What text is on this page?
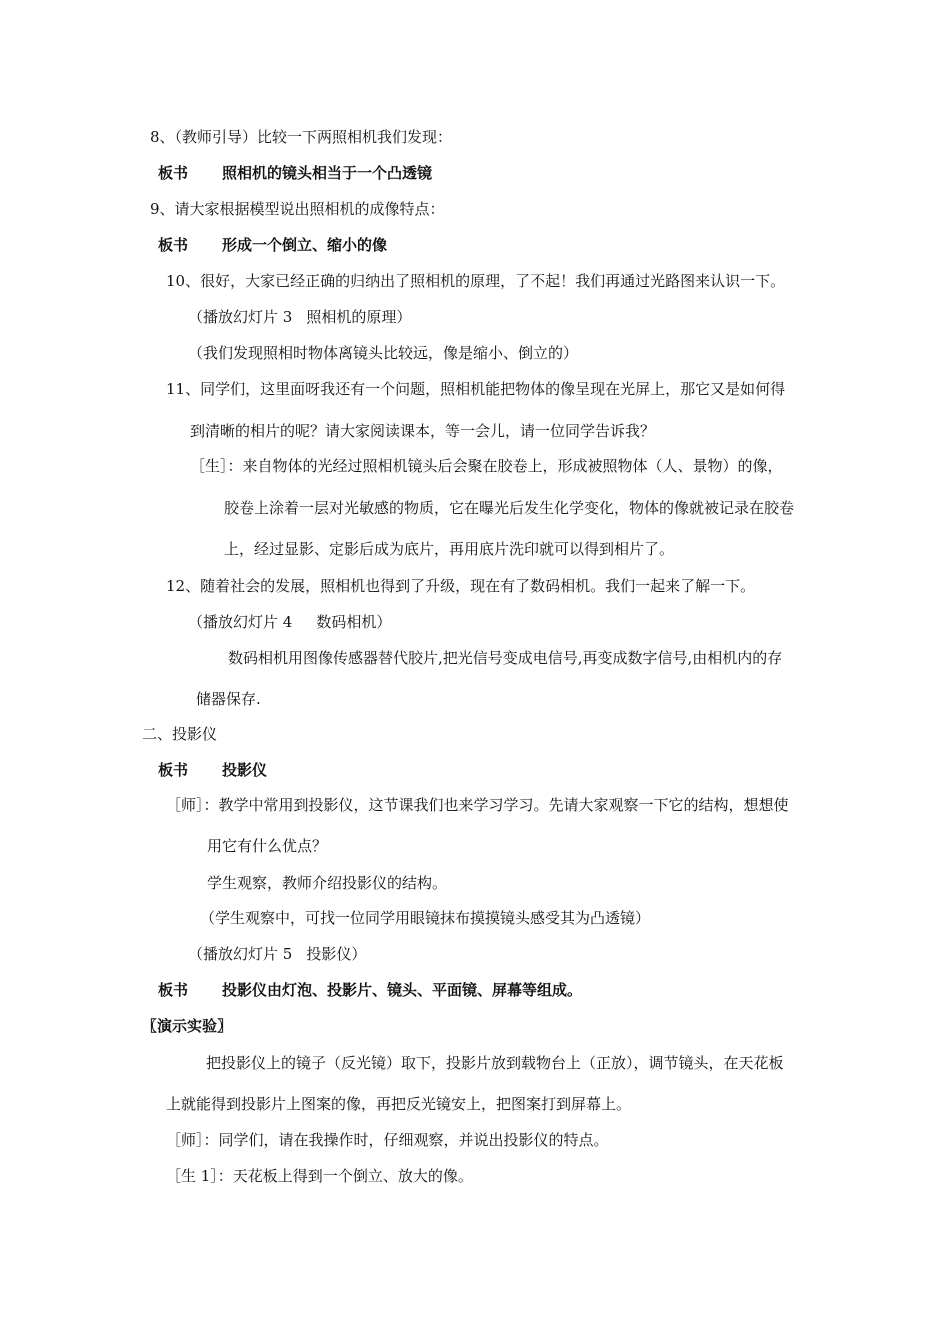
8、（教师引导）比较一下两照相机我们发现：
板书 照相机的镜头相当于一个凸透镜
9、请大家根据模型说出照相机的成像特点：
板书 形成一个倒立、缩小的像
10、很好，大家已经正确的归纳出了照相机的原理，了不起！我们再通过光路图来认识一下。
（播放幻灯片 3 照相机的原理）
（我们发现照相时物体离镜头比较远，像是缩小、倒立的）
11、同学们，这里面呀我还有一个问题，照相机能把物体的像呈现在光屏上，那它又是如何得
到清晰的相片的呢？请大家阅读课本，等一会儿，请一位同学告诉我？
［生］：来自物体的光经过照相机镜头后会聚在胶卷上，形成被照物体（人、景物）的像，
胶卷上涂着一层对光敏感的物质，它在曝光后发生化学变化，物体的像就被记录在胶卷
上，经过显影、定影后成为底片，再用底片洗印就可以得到相片了。
12、随着社会的发展，照相机也得到了升级，现在有了数码相机。我们一起来了解一下。
（播放幻灯片 4 数码相机）
数码相机用图像传感器替代胶片,把光信号变成电信号,再变成数字信号,由相机内的存
储器保存.
二、投影仪
板书 投影仪
［师］：教学中常用到投影仪，这节课我们也来学习学习。先请大家观察一下它的结构，想想使
用它有什么优点？
学生观察，教师介绍投影仪的结构。
（学生观察中，可找一位同学用眼镜抹布摸摸镜头感受其为凸透镜）
（播放幻灯片 5 投影仪）
板书 投影仪由灯泡、投影片、镜头、平面镜、屏幕等组成。
〖演示实验〗
把投影仪上的镜子（反光镜）取下，投影片放到载物台上（正放），调节镜头，在天花板
上就能得到投影片上图案的像，再把反光镜安上，把图案打到屏幕上。
［师］：同学们，请在我操作时，仔细观察，并说出投影仪的特点。
［生 1］：天花板上得到一个倒立、放大的像。
